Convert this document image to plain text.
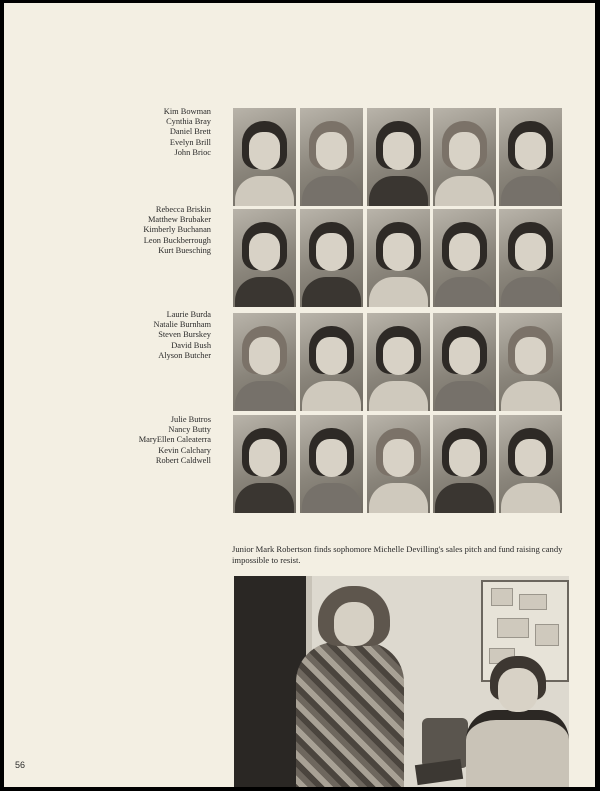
Kim Bowman
Cynthia Bray
Daniel Brett
Evelyn Brill
John Brioc
Rebecca Briskin
Matthew Brubaker
Kimberly Buchanan
Leon Buckberrough
Kurt Buesching
Laurie Burda
Natalie Burnham
Steven Burskey
David Bush
Alyson Butcher
Julie Butros
Nancy Butty
MaryEllen Caleaterra
Kevin Calchary
Robert Caldwell
Junior Mark Robertson finds sophomore Michelle Devilling's sales pitch and fund raising candy impossible to resist.
56
